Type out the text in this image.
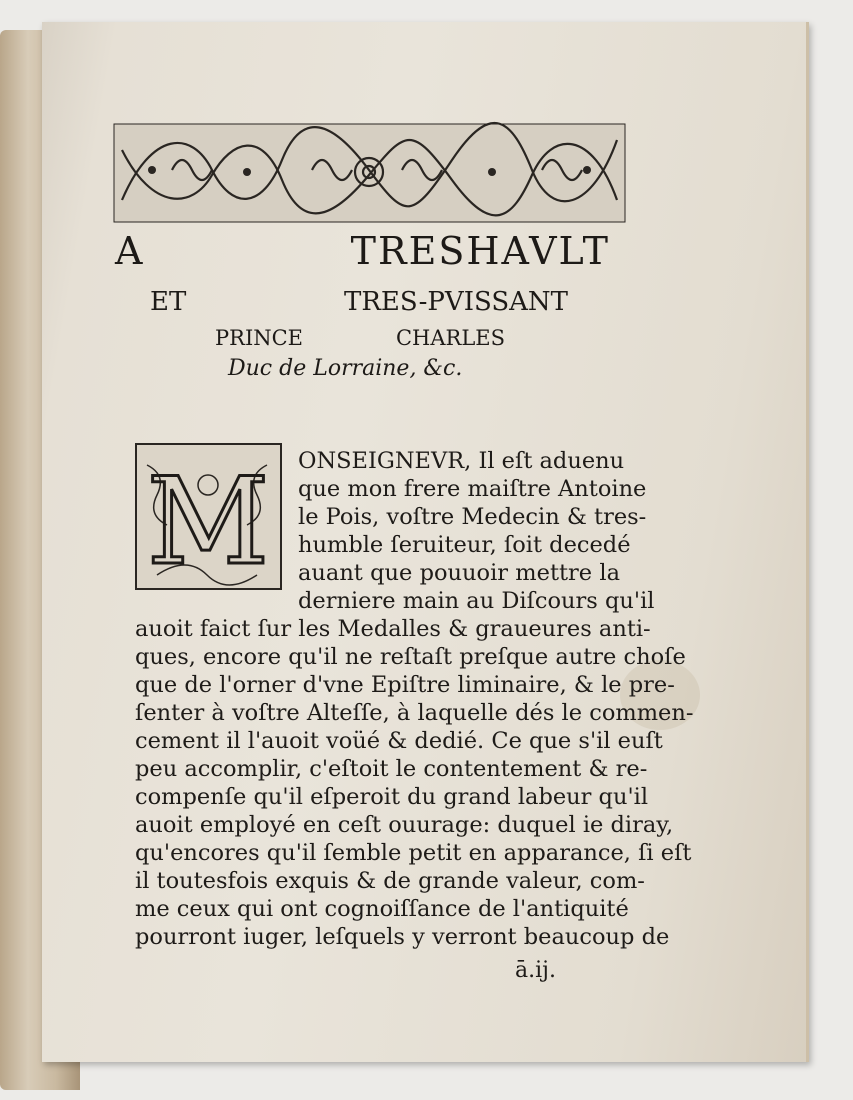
A TRESHAVLT
ET TRES-PVISSANT
PRINCE CHARLES
Duc de Lorraine, &c.
M ONSEIGNEVR, Il eſt aduenu
que mon frere maiſtre Antoine
le Pois, voſtre Medecin & tres-
humble ſeruiteur, ſoit decedé
auant que pouuoir mettre la
derniere main au Diſcours qu'il
auoit faict ſur les Medalles & graueures anti-
ques, encore qu'il ne reſtaſt preſque autre choſe
que de l'orner d'vne Epiſtre liminaire, & le pre-
ſenter à voſtre Alteſſe, à laquelle dés le commen-
cement il l'auoit voüé & dedié. Ce que s'il euſt
peu accomplir, c'eſtoit le contentement & re-
compenſe qu'il eſperoit du grand labeur qu'il
auoit employé en ceſt ouurage: duquel ie diray,
qu'encores qu'il ſemble petit en apparance, ſi eſt
il toutesfois exquis & de grande valeur, com-
me ceux qui ont cognoiſſance de l'antiquité
pourront iuger, leſquels y verront beaucoup de
ā.ij.
